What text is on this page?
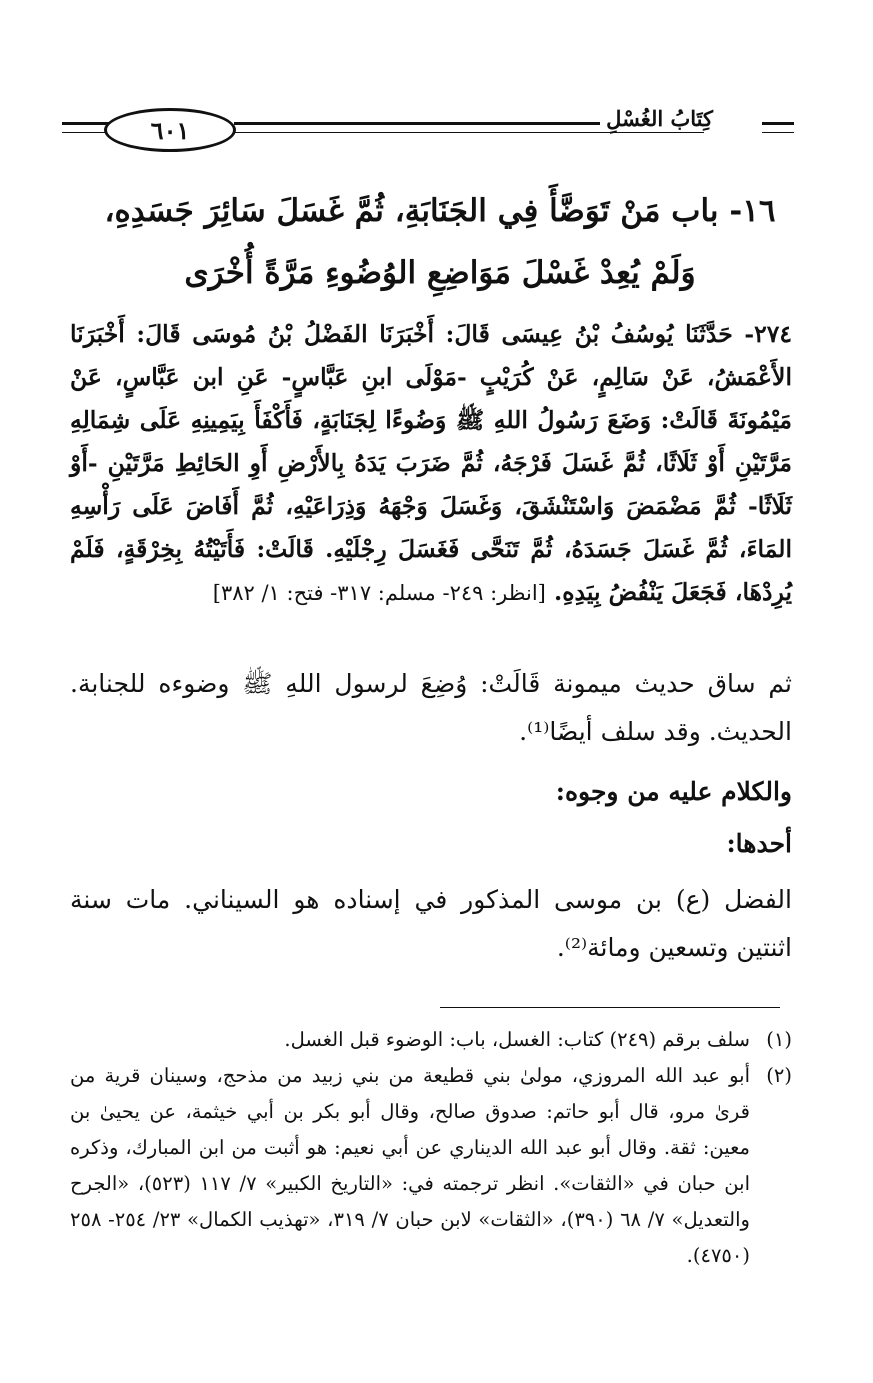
٦٠١	كِتَابُ الغُسْلِ
١٦- باب مَنْ تَوَضَّأَ فِي الجَنَابَةِ، ثُمَّ غَسَلَ سَائِرَ جَسَدِهِ،
وَلَمْ يُعِدْ غَسْلَ مَوَاضِعِ الوُضُوءِ مَرَّةً أُخْرَى
٢٧٤- حَدَّثَنَا يُوسُفُ بْنُ عِيسَى قَالَ: أَخْبَرَنَا الفَضْلُ بْنُ مُوسَى قَالَ: أَخْبَرَنَا الأَعْمَشُ، عَنْ سَالِمٍ، عَنْ كُرَيْبٍ -مَوْلَى ابنِ عَبَّاسٍ- عَنِ ابن عَبَّاسٍ، عَنْ مَيْمُونَةَ قَالَتْ: وَضَعَ رَسُولُ اللهِ ﷺ وَضُوءًا لِجَنَابَةٍ، فَأَكْفَأَ بِيَمِينِهِ عَلَى شِمَالِهِ مَرَّتَيْنِ أَوْ ثَلَاثًا، ثُمَّ غَسَلَ فَرْجَهُ، ثُمَّ ضَرَبَ يَدَهُ بِالأَرْضِ أَوِ الحَائِطِ مَرَّتَيْنِ -أَوْ ثَلَاثًا- ثُمَّ مَضْمَضَ وَاسْتَنْشَقَ، وَغَسَلَ وَجْهَهُ وَذِرَاعَيْهِ، ثُمَّ أَفَاضَ عَلَى رَأْسِهِ المَاءَ، ثُمَّ غَسَلَ جَسَدَهُ، ثُمَّ تَنَحَّى فَغَسَلَ رِجْلَيْهِ. قَالَتْ: فَأَتَيْتُهُ بِخِرْقَةٍ، فَلَمْ يُرِدْهَا، فَجَعَلَ يَنْفُضُ بِيَدِهِ. [انظر: ٢٤٩- مسلم: ٣١٧- فتح: ١/ ٣٨٢]
ثم ساق حديث ميمونة قَالَتْ: وُضِعَ لرسول اللهِ ﷺ وضوءه للجنابة. الحديث. وقد سلف أيضًا⁽¹⁾.
والكلام عليه من وجوه:
أحدها:
الفضل (ع) بن موسى المذكور في إسناده هو السيناني. مات سنة اثنتين وتسعين ومائة⁽²⁾.
(١)
سلف برقم (٢٤٩) كتاب: الغسل، باب: الوضوء قبل الغسل.
(٢)
أبو عبد الله المروزي، مولىٰ بني قطيعة من بني زبيد من مذحج، وسينان قرية من قرىٰ مرو، قال أبو حاتم: صدوق صالح، وقال أبو بكر بن أبي خيثمة، عن يحيىٰ بن معين: ثقة. وقال أبو عبد الله الديناري عن أبي نعيم: هو أثبت من ابن المبارك، وذكره ابن حبان في «الثقات». انظر ترجمته في: «التاريخ الكبير» ٧/ ١١٧ (٥٢٣)، «الجرح والتعديل» ٧/ ٦٨ (٣٩٠)، «الثقات» لابن حبان ٧/ ٣١٩، «تهذيب الكمال» ٢٣/ ٢٥٤- ٢٥٨ (٤٧٥٠).
